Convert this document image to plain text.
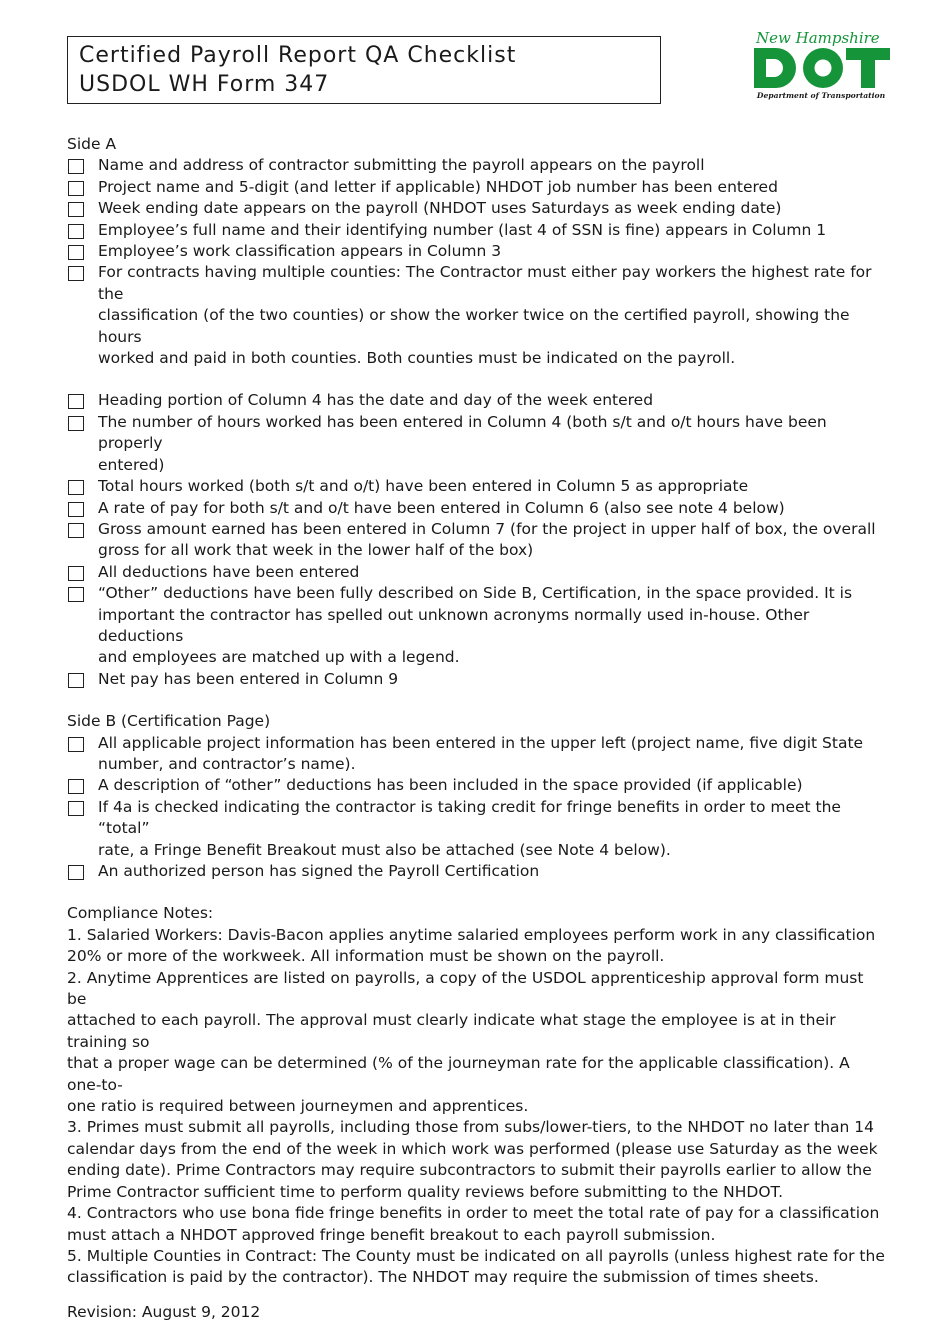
Certified Payroll Report QA Checklist
USDOL WH Form 347
New Hampshire
Department of Transportation
Side A
Name and address of contractor submitting the payroll appears on the payroll
Project name and 5-digit (and letter if applicable) NHDOT job number has been entered
Week ending date appears on the payroll (NHDOT uses Saturdays as week ending date)
Employee’s full name and their identifying number (last 4 of SSN is fine) appears in Column 1
Employee’s work classification appears in Column 3
For contracts having multiple counties: The Contractor must either pay workers the highest rate for the
classification (of the two counties) or show the worker twice on the certified payroll, showing the hours
worked and paid in both counties. Both counties must be indicated on the payroll.
Heading portion of Column 4 has the date and day of the week entered
The number of hours worked has been entered in Column 4 (both s/t and o/t hours have been properly
entered)
Total hours worked (both s/t and o/t) have been entered in Column 5 as appropriate
A rate of pay for both s/t and o/t have been entered in Column 6 (also see note 4 below)
Gross amount earned has been entered in Column 7 (for the project in upper half of box, the overall
gross for all work that week in the lower half of the box)
All deductions have been entered
“Other” deductions have been fully described on Side B, Certification, in the space provided. It is
important the contractor has spelled out unknown acronyms normally used in-house. Other deductions
and employees are matched up with a legend.
Net pay has been entered in Column 9
Side B (Certification Page)
All applicable project information has been entered in the upper left (project name, five digit State
number, and contractor’s name).
A description of “other” deductions has been included in the space provided (if applicable)
If 4a is checked indicating the contractor is taking credit for fringe benefits in order to meet the “total”
rate, a Fringe Benefit Breakout must also be attached (see Note 4 below).
An authorized person has signed the Payroll Certification
Compliance Notes:
1. Salaried Workers: Davis-Bacon applies anytime salaried employees perform work in any classification
20% or more of the workweek. All information must be shown on the payroll.
2. Anytime Apprentices are listed on payrolls, a copy of the USDOL apprenticeship approval form must be
attached to each payroll. The approval must clearly indicate what stage the employee is at in their training so
that a proper wage can be determined (% of the journeyman rate for the applicable classification). A one-to-
one ratio is required between journeymen and apprentices.
3. Primes must submit all payrolls, including those from subs/lower-tiers, to the NHDOT no later than 14
calendar days from the end of the week in which work was performed (please use Saturday as the week
ending date). Prime Contractors may require subcontractors to submit their payrolls earlier to allow the
Prime Contractor sufficient time to perform quality reviews before submitting to the NHDOT.
4. Contractors who use bona fide fringe benefits in order to meet the total rate of pay for a classification
must attach a NHDOT approved fringe benefit breakout to each payroll submission.
5. Multiple Counties in Contract: The County must be indicated on all payrolls (unless highest rate for the
classification is paid by the contractor). The NHDOT may require the submission of times sheets.
Revision: August 9, 2012
